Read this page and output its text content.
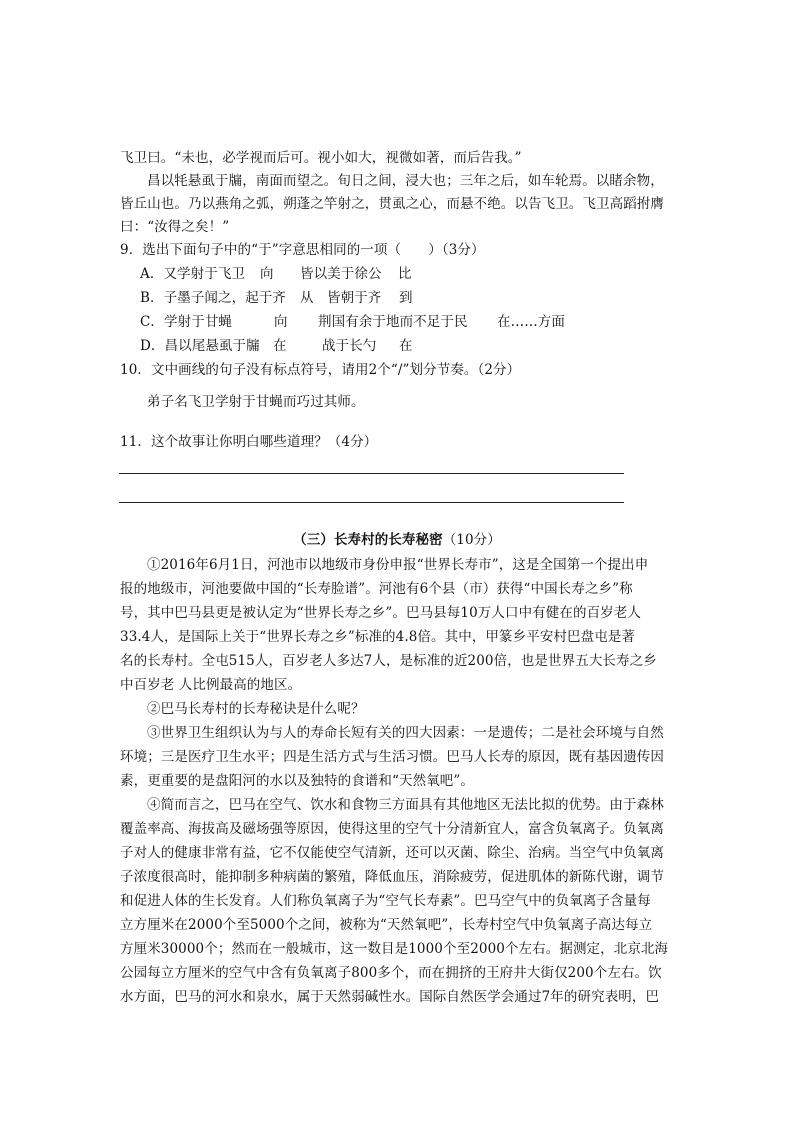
飞卫曰。“未也，必学视而后可。视小如大，视微如著，而后告我。”
昌以牦悬虱于牖，南面而望之。旬日之间，浸大也；三年之后，如车轮焉。以睹余物，
皆丘山也。乃以燕角之弧，朔蓬之竿射之，贯虱之心，而悬不绝。以告飞卫。飞卫高蹈拊膺
曰：“汝得之矣！”
9．选出下面句子中的“于”字意思相同的一项（　　）（3分）
A．又学射于飞卫 向 皆以美于徐公 比
B．子墨子闻之，起于齐 从 皆朝于齐 到
C．学射于甘蝇	向 荆国有余于地而不足于民 在……方面
D．昌以尾悬虱于牖 在	战于长勺 在
10．文中画线的句子没有标点符号，请用2个“/”划分节奏。（2分）
弟子名飞卫学射于甘蝇而巧过其师。
11．这个故事让你明白哪些道理？（4分）
（三）长寿村的长寿秘密（10分）
①2016年6月1日，河池市以地级市身份申报“世界长寿市”，这是全国第一个提出申
报的地级市，河池要做中国的“长寿脸谱”。河池有6个县（市）获得“中国长寿之乡”称
号，其中巴马县更是被认定为“世界长寿之乡”。巴马县每10万人口中有健在的百岁老人
33.4人，是国际上关于“世界长寿之乡”标准的4.8倍。其中，甲篆乡平安村巴盘屯是著
名的长寿村。全屯515人，百岁老人多达7人，是标准的近200倍，也是世界五大长寿之乡
中百岁老 人比例最高的地区。
②巴马长寿村的长寿秘诀是什么呢？
③世界卫生组织认为与人的寿命长短有关的四大因素：一是遗传；二是社会环境与自然
环境；三是医疗卫生水平；四是生活方式与生活习惯。巴马人长寿的原因，既有基因遗传因
素，更重要的是盘阳河的水以及独特的食谱和“天然氧吧”。
④简而言之，巴马在空气、饮水和食物三方面具有其他地区无法比拟的优势。由于森林
覆盖率高、海拔高及磁场强等原因，使得这里的空气十分清新宜人，富含负氧离子。负氧离
子对人的健康非常有益，它不仅能使空气清新，还可以灭菌、除尘、治病。当空气中负氧离
子浓度很高时，能抑制多种病菌的繁殖，降低血压，消除疲劳，促进肌体的新陈代谢，调节
和促进人体的生长发育。人们称负氧离子为“空气长寿素”。巴马空气中的负氧离子含量每
立方厘米在2000个至5000个之间，被称为“天然氧吧”，长寿村空气中负氧离子高达每立
方厘米30000个；然而在一般城市，这一数目是1000个至2000个左右。据测定，北京北海
公园每立方厘米的空气中含有负氧离子800多个，而在拥挤的王府井大街仅200个左右。饮
水方面，巴马的河水和泉水，属于天然弱碱性水。国际自然医学会通过7年的研究表明，巴
